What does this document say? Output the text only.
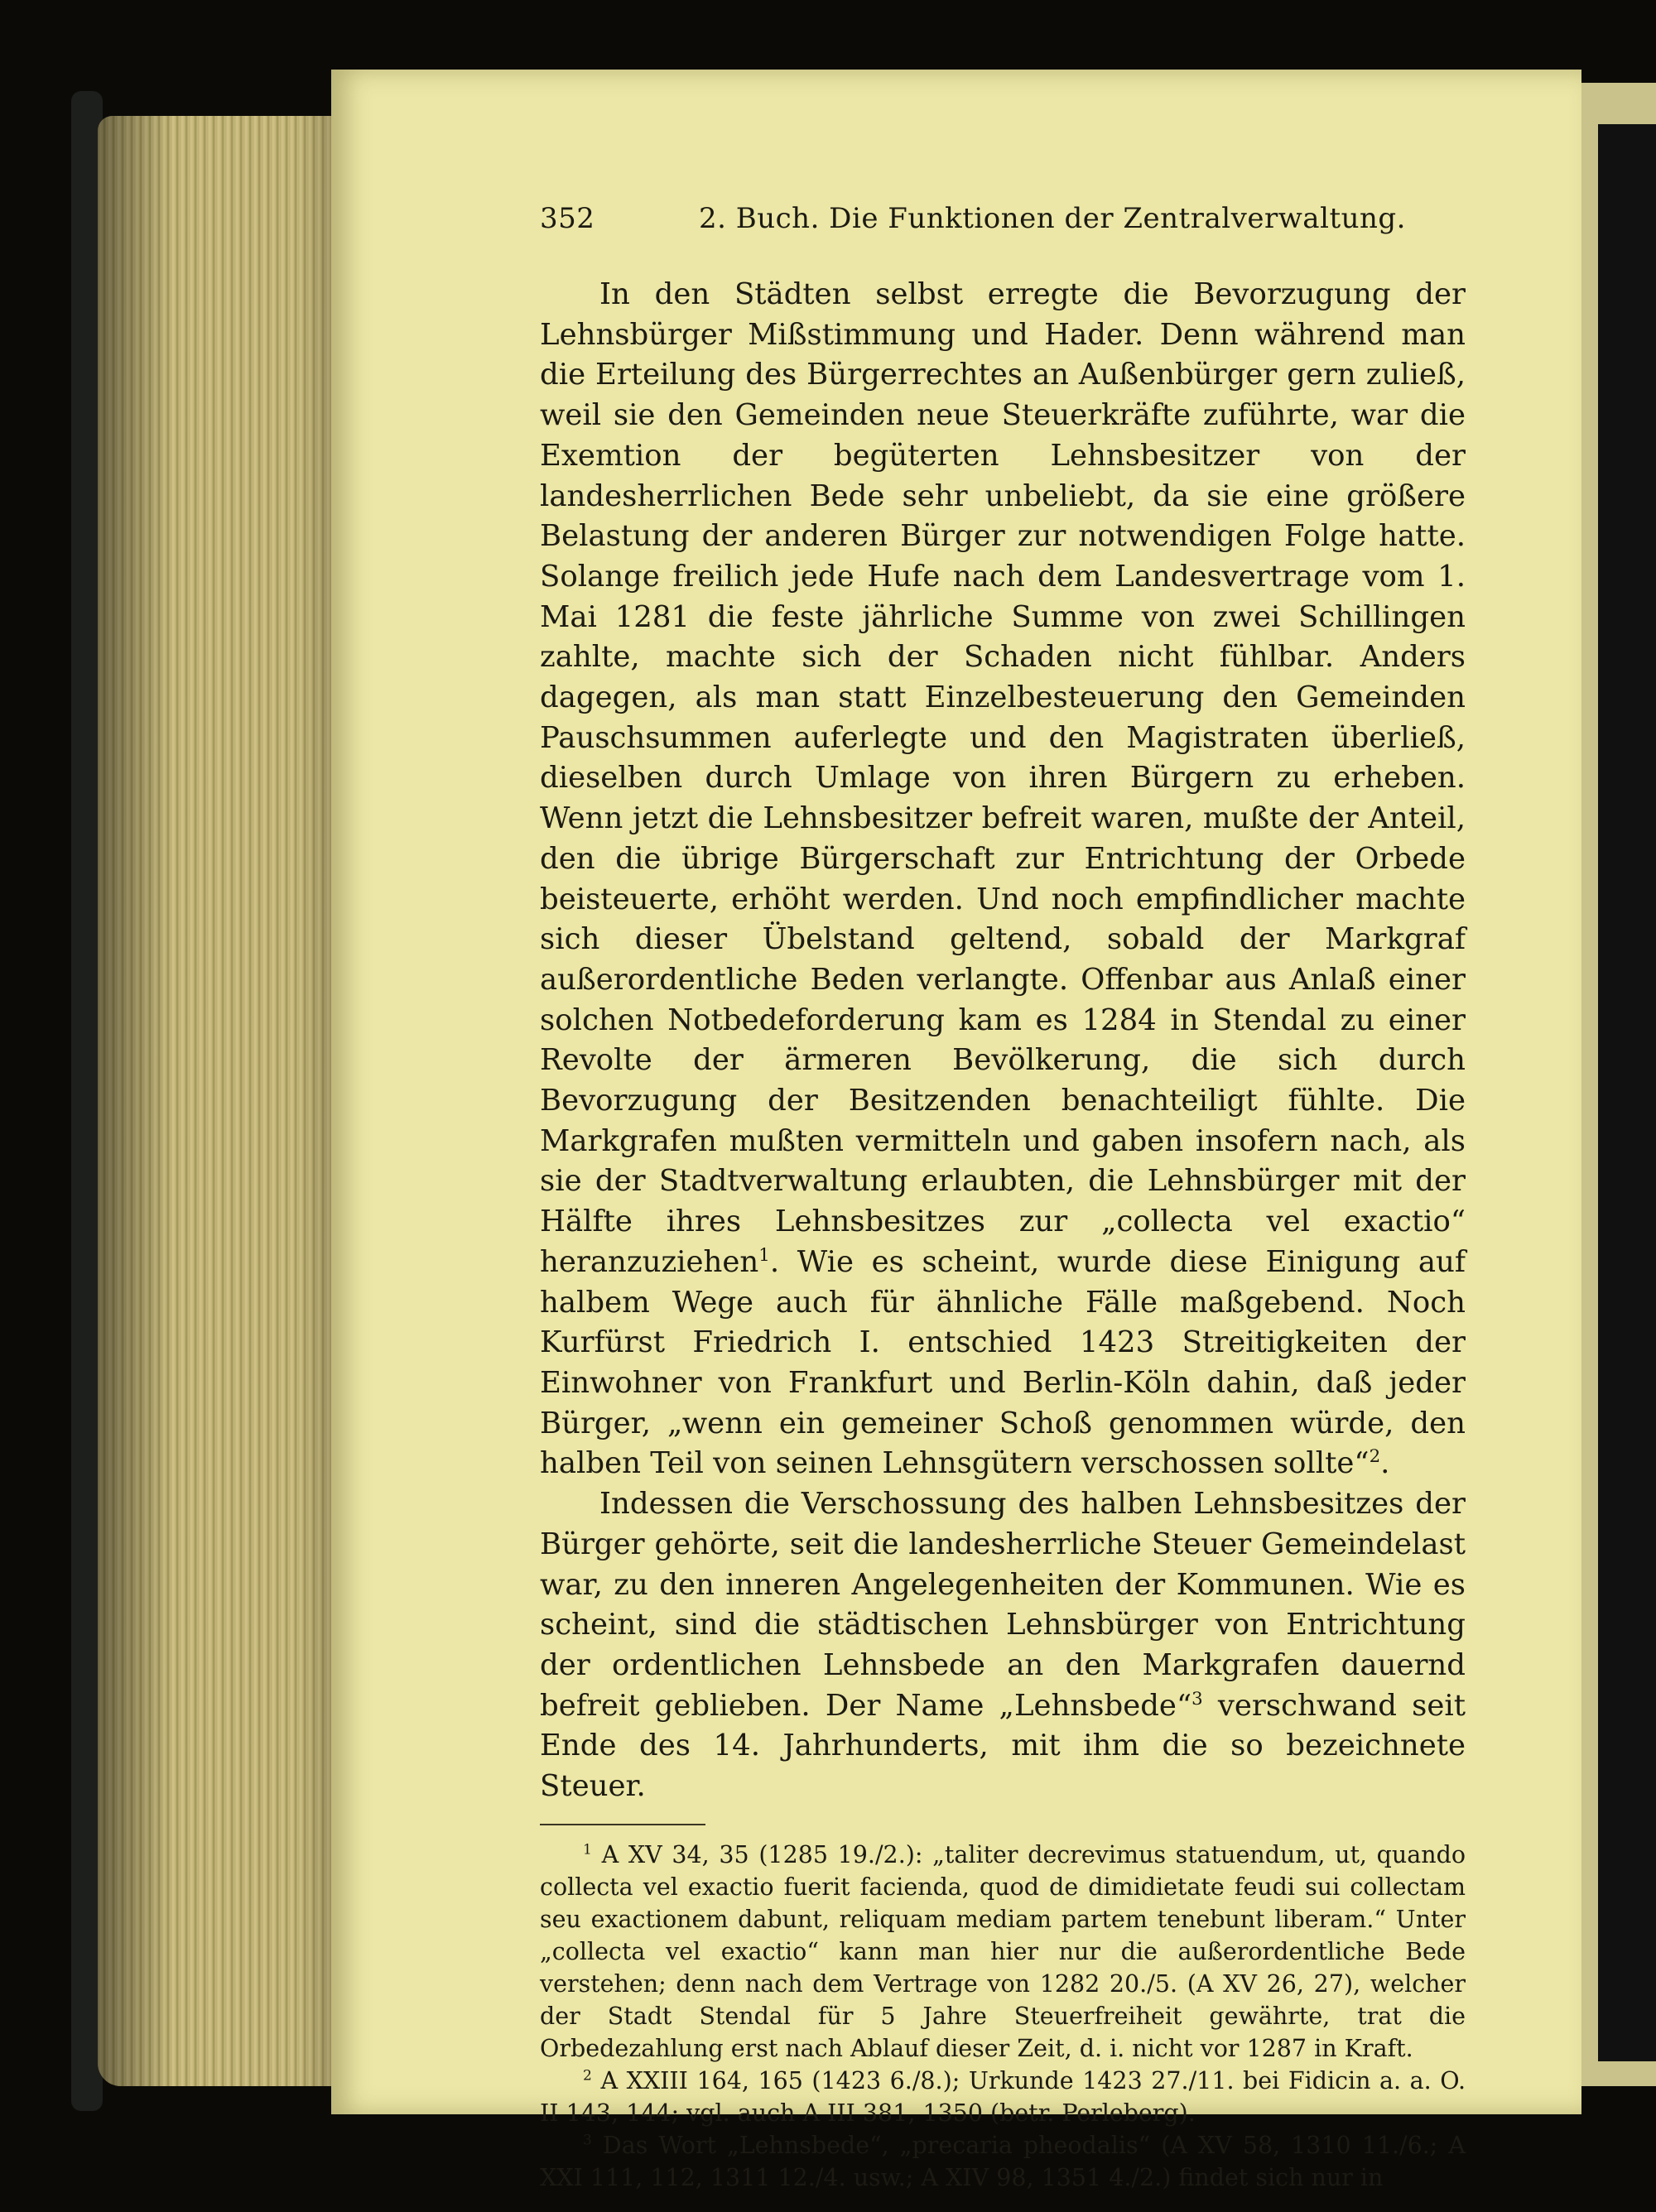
352	2. Buch. Die Funktionen der Zentralverwaltung.

In den Städten selbst erregte die Bevorzugung der Lehnsbürger Mißstimmung und Hader. Denn während man die Erteilung des Bürgerrechtes an Außenbürger gern zuließ, weil sie den Gemeinden neue Steuerkräfte zuführte, war die Exemtion der begüterten Lehnsbesitzer von der landesherrlichen Bede sehr unbeliebt, da sie eine größere Belastung der anderen Bürger zur notwendigen Folge hatte. Solange freilich jede Hufe nach dem Landesvertrage vom 1. Mai 1281 die feste jährliche Summe von zwei Schillingen zahlte, machte sich der Schaden nicht fühlbar. Anders dagegen, als man statt Einzelbesteuerung den Gemeinden Pauschsummen auferlegte und den Magistraten überließ, dieselben durch Umlage von ihren Bürgern zu erheben. Wenn jetzt die Lehnsbesitzer befreit waren, mußte der Anteil, den die übrige Bürgerschaft zur Entrichtung der Orbede beisteuerte, erhöht werden. Und noch empfindlicher machte sich dieser Übelstand geltend, sobald der Markgraf außerordentliche Beden verlangte. Offenbar aus Anlaß einer solchen Notbedeforderung kam es 1284 in Stendal zu einer Revolte der ärmeren Bevölkerung, die sich durch Bevorzugung der Besitzenden benachteiligt fühlte. Die Markgrafen mußten vermitteln und gaben insofern nach, als sie der Stadtverwaltung erlaubten, die Lehnsbürger mit der Hälfte ihres Lehnsbesitzes zur „collecta vel exactio“ heranzuziehen$^1$. Wie es scheint, wurde diese Einigung auf halbem Wege auch für ähnliche Fälle maßgebend. Noch Kurfürst Friedrich I. entschied 1423 Streitigkeiten der Einwohner von Frankfurt und Berlin-Köln dahin, daß jeder Bürger, „wenn ein gemeiner Schoß genommen würde, den halben Teil von seinen Lehnsgütern verschossen sollte“$^2$.

Indessen die Verschossung des halben Lehnsbesitzes der Bürger gehörte, seit die landesherrliche Steuer Gemeindelast war, zu den inneren Angelegenheiten der Kommunen. Wie es scheint, sind die städtischen Lehnsbürger von Entrichtung der ordentlichen Lehnsbede an den Markgrafen dauernd befreit geblieben. Der Name „Lehnsbede“$^3$ verschwand seit Ende des 14. Jahrhunderts, mit ihm die so bezeichnete Steuer.

$^1$ A XV 34, 35 (1285 19./2.): „taliter decrevimus statuendum, ut, quando collecta vel exactio fuerit facienda, quod de dimidietate feudi sui collectam seu exactionem dabunt, reliquam mediam partem tenebunt liberam.“ Unter „collecta vel exactio“ kann man hier nur die außerordentliche Bede verstehen; denn nach dem Vertrage von 1282 20./5. (A XV 26, 27), welcher der Stadt Stendal für 5 Jahre Steuerfreiheit gewährte, trat die Orbedezahlung erst nach Ablauf dieser Zeit, d. i. nicht vor 1287 in Kraft.

$^2$ A XXIII 164, 165 (1423 6./8.); Urkunde 1423 27./11. bei Fidicin a. a. O. II 143, 144; vgl. auch A III 381, 1350 (betr. Perleberg).

$^3$ Das Wort „Lehnsbede“, „precaria pheodalis“ (A XV 58, 1310 11./6.; A XXI 111, 112, 1311 12./4. usw.; A XIV 98, 1351 4./2.) findet sich nur in
